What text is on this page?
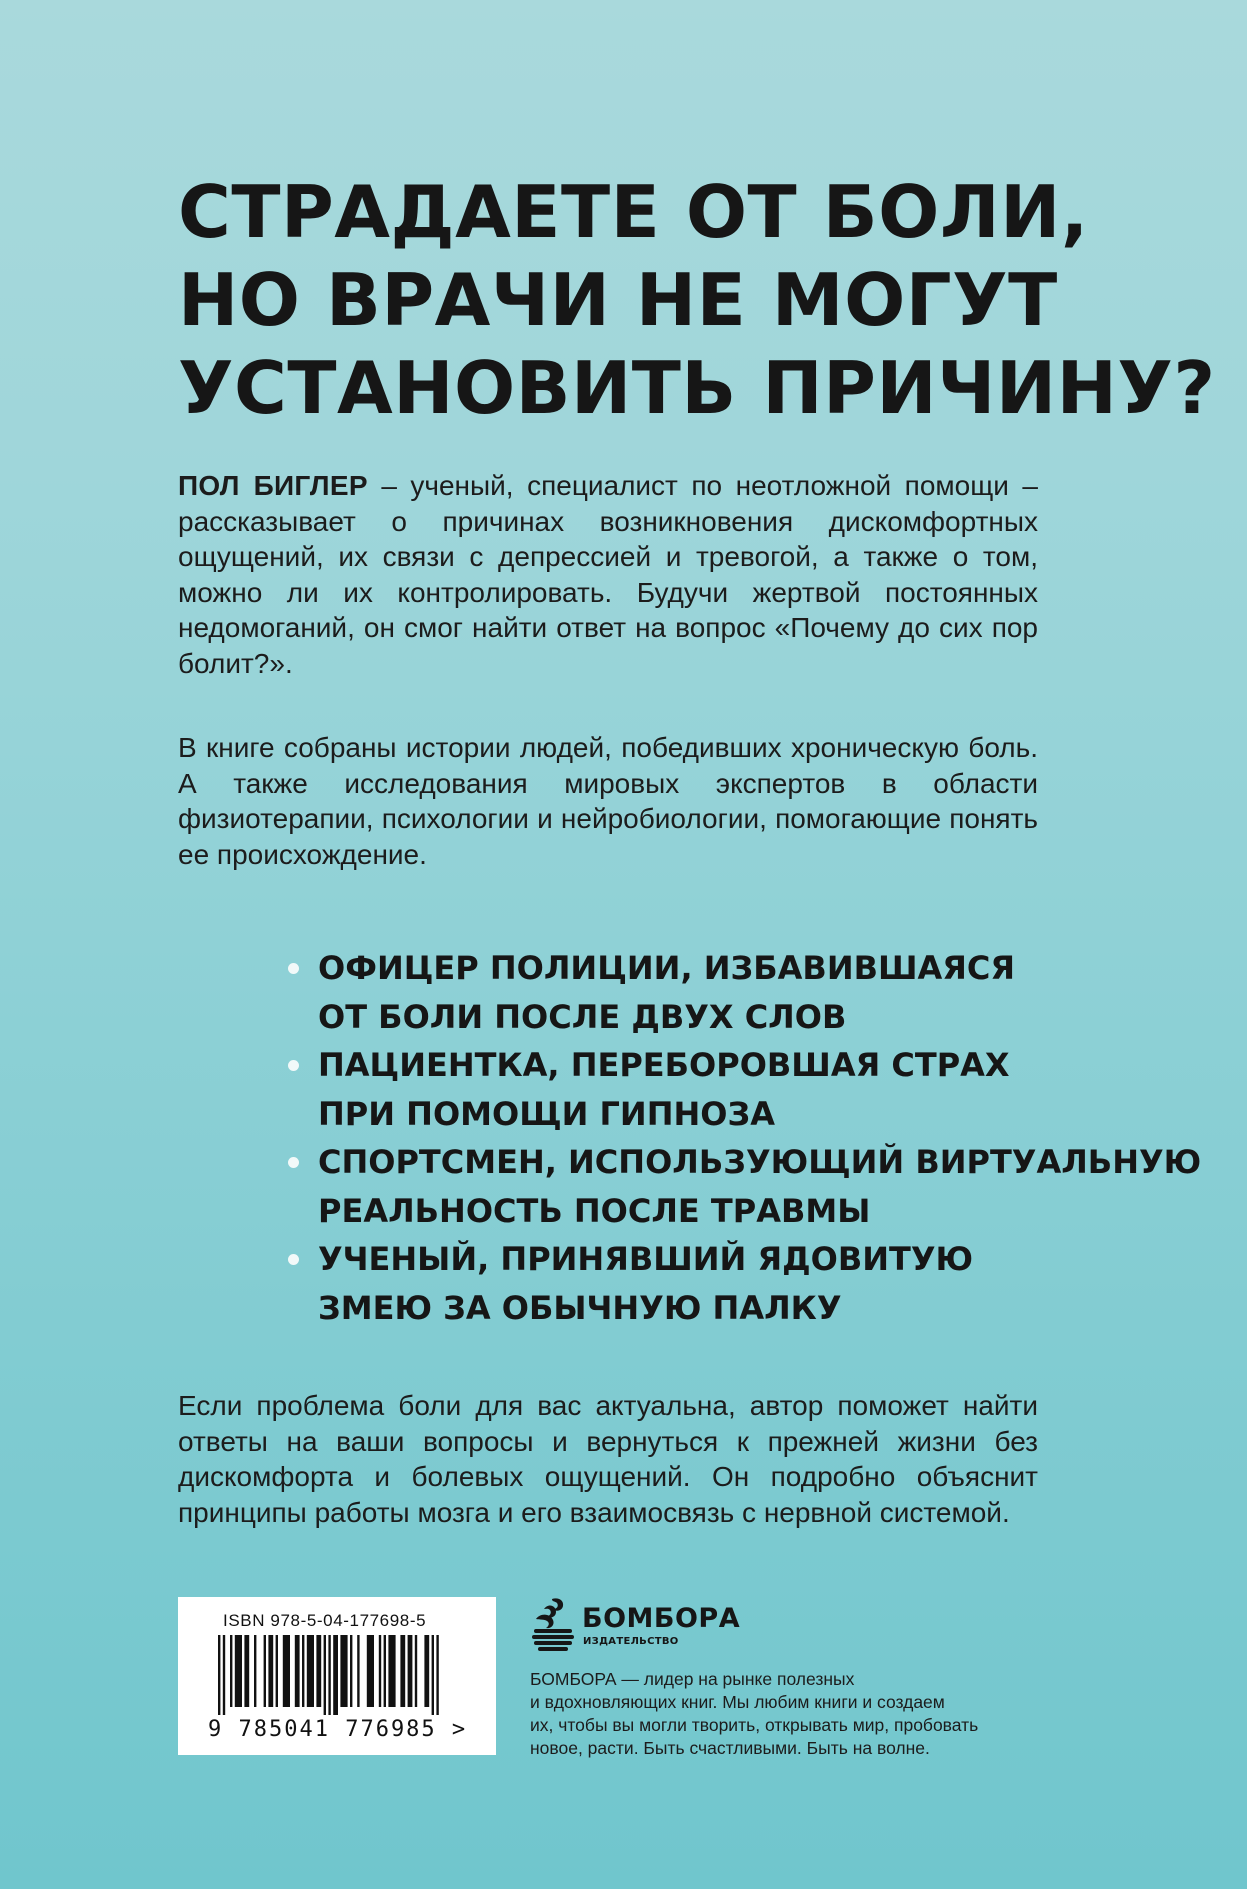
СТРАДАЕТЕ ОТ БОЛИ,
НО ВРАЧИ НЕ МОГУТ
УСТАНОВИТЬ ПРИЧИНУ?

ПОЛ БИГЛЕР – ученый, специалист по неотложной помощи – рассказывает о причинах возникновения дискомфортных ощущений, их связи с депрессией и тревогой, а также о том, можно ли их контролировать. Будучи жертвой постоянных недомоганий, он смог найти ответ на вопрос «Почему до сих пор болит?».

В книге собраны истории людей, победивших хроническую боль. А также исследования мировых экспертов в области физиотерапии, психологии и нейробиологии, помогающие понять ее происхождение.

ОФИЦЕР ПОЛИЦИИ, ИЗБАВИВШАЯСЯ
ОТ БОЛИ ПОСЛЕ ДВУХ СЛОВ
ПАЦИЕНТКА, ПЕРЕБОРОВШАЯ СТРАХ
ПРИ ПОМОЩИ ГИПНОЗА
СПОРТСМЕН, ИСПОЛЬЗУЮЩИЙ ВИРТУАЛЬНУЮ
РЕАЛЬНОСТЬ ПОСЛЕ ТРАВМЫ
УЧЕНЫЙ, ПРИНЯВШИЙ ЯДОВИТУЮ
ЗМЕЮ ЗА ОБЫЧНУЮ ПАЛКУ

Если проблема боли для вас актуальна, автор поможет найти ответы на ваши вопросы и вернуться к прежней жизни без дискомфорта и болевых ощущений. Он подробно объяснит принципы работы мозга и его взаимосвязь с нервной системой.

ISBN 978-5-04-177698-5
9 785041 776985 >
БОМБОРА
ИЗДАТЕЛЬСТВО

БОМБОРА — лидер на рынке полезных
и вдохновляющих книг. Мы любим книги и создаем
их, чтобы вы могли творить, открывать мир, пробовать
новое, расти. Быть счастливыми. Быть на волне.
